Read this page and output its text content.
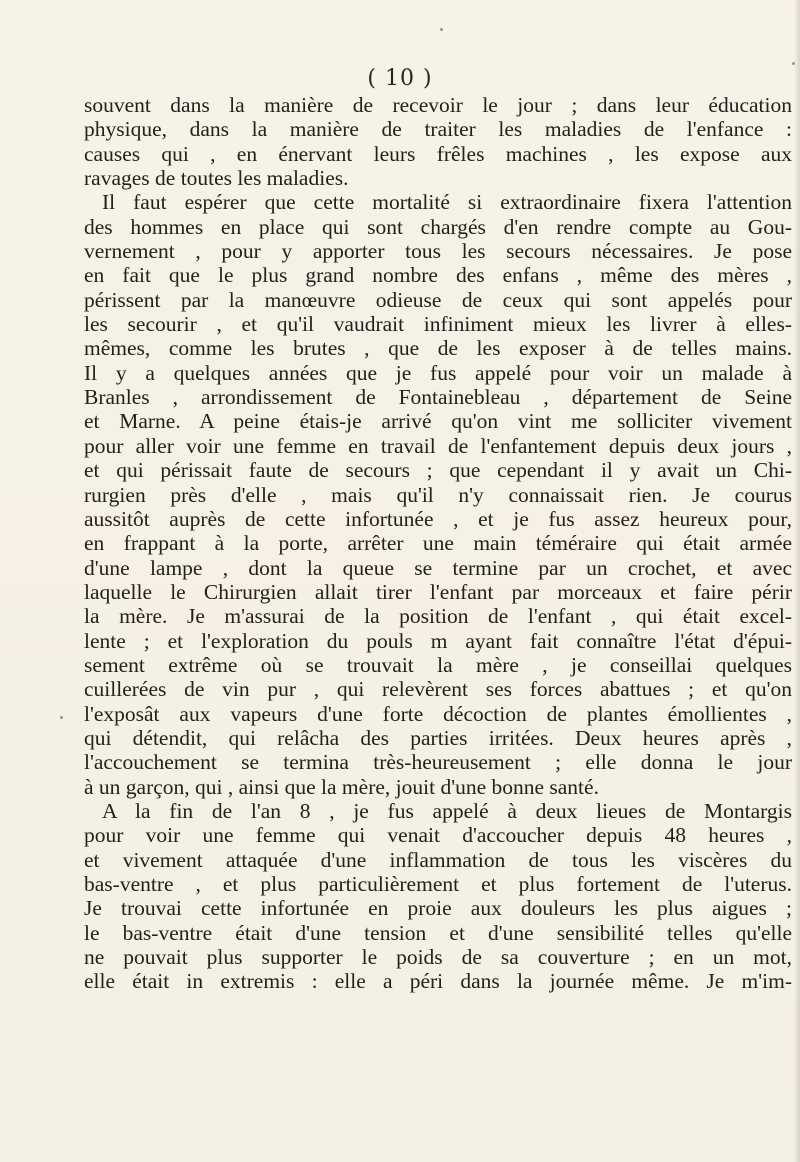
( 10 )
souvent dans la manière de recevoir le jour ; dans leur éducation
physique, dans la manière de traiter les maladies de l'enfance :
causes qui , en énervant leurs frêles machines , les expose aux
ravages de toutes les maladies.
Il faut espérer que cette mortalité si extraordinaire fixera l'attention
des hommes en place qui sont chargés d'en rendre compte au Gou-
vernement , pour y apporter tous les secours nécessaires. Je pose
en fait que le plus grand nombre des enfans , même des mères ,
périssent par la manœuvre odieuse de ceux qui sont appelés pour
les secourir , et qu'il vaudrait infiniment mieux les livrer à elles-
mêmes, comme les brutes , que de les exposer à de telles mains.
Il y a quelques années que je fus appelé pour voir un malade à
Branles , arrondissement de Fontainebleau , département de Seine
et Marne. A peine étais-je arrivé qu'on vint me solliciter vivement
pour aller voir une femme en travail de l'enfantement depuis deux jours ,
et qui périssait faute de secours ; que cependant il y avait un Chi-
rurgien près d'elle , mais qu'il n'y connaissait rien. Je courus
aussitôt auprès de cette infortunée , et je fus assez heureux pour,
en frappant à la porte, arrêter une main téméraire qui était armée
d'une lampe , dont la queue se termine par un crochet, et avec
laquelle le Chirurgien allait tirer l'enfant par morceaux et faire périr
la mère. Je m'assurai de la position de l'enfant , qui était excel-
lente ; et l'exploration du pouls m ayant fait connaître l'état d'épui-
sement extrême où se trouvait la mère , je conseillai quelques
cuillerées de vin pur , qui relevèrent ses forces abattues ; et qu'on
l'exposât aux vapeurs d'une forte décoction de plantes émollientes ,
qui détendit, qui relâcha des parties irritées. Deux heures après ,
l'accouchement se termina très-heureusement ; elle donna le jour
à un garçon, qui , ainsi que la mère, jouit d'une bonne santé.
A la fin de l'an 8 , je fus appelé à deux lieues de Montargis
pour voir une femme qui venait d'accoucher depuis 48 heures ,
et vivement attaquée d'une inflammation de tous les viscères du
bas-ventre , et plus particulièrement et plus fortement de l'uterus.
Je trouvai cette infortunée en proie aux douleurs les plus aigues ;
le bas-ventre était d'une tension et d'une sensibilité telles qu'elle
ne pouvait plus supporter le poids de sa couverture ; en un mot,
elle était in extremis : elle a péri dans la journée même. Je m'im-
